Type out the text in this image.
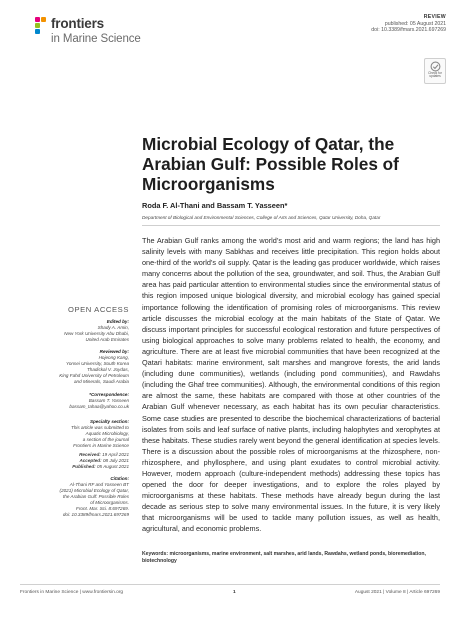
frontiers
in Marine Science
REVIEW
published: 05 August 2021
doi: 10.3389/fmars.2021.697269
Check for
updates
Microbial Ecology of Qatar, the
Arabian Gulf: Possible Roles of
Microorganisms
Roda F. Al-Thani and Bassam T. Yasseen*
Department of Biological and Environmental Sciences, College of Arts and Sciences, Qatar University, Doha, Qatar

The Arabian Gulf ranks among the world’s most arid and warm regions; the land has high salinity levels with many Sabkhas and receives little precipitation. This region holds about one-third of the world’s oil supply. Qatar is the leading gas producer worldwide, which raises many concerns about the pollution of the sea, groundwater, and soil. Thus, the Arabian Gulf area has paid particular attention to environmental studies since the environmental status of this region imposed unique biological diversity, and microbial ecology has gained special importance following the identification of promising roles of microorganisms. This review article discusses the microbial ecology at the main habitats of the State of Qatar. We discuss important principles for successful ecological restoration and future perspectives of using biological approaches to solve many problems related to health, the economy, and agriculture. There are at least five microbial communities that have been recognized at the Qatari habitats: marine environment, salt marshes and mangrove forests, the arid lands (including dune communities), wetlands (including pond communities), and Rawdahs (including the Ghaf tree communities). Although, the environmental conditions of this region are almost the same, these habitats are compared with those at other countries of the Arabian Gulf whenever necessary, as each habitat has its own peculiar characteristics. Some case studies are presented to describe the biochemical characterizations of bacterial isolates from soils and leaf surface of native plants, including halophytes and xerophytes at these habitats. These studies rarely went beyond the general identification at species levels. There is a discussion about the possible roles of microorganisms at the rhizosphere, non-rhizosphere, and phyllosphere, and using plant exudates to control microbial activity. However, modern approach (culture-independent methods) addressing these topics has opened the door for deeper investigations, and to explore the roles played by microorganisms at these habitats. These methods have already begun during the last decade as serious step to solve many environmental issues. In the future, it is very likely that microorganisms will be used to tackle many pollution issues, as well as health, agricultural, and economic problems.

Keywords: microorganisms, marine environment, salt marshes, arid lands, Rawdahs, wetland ponds, bioremediation, biotechnology
OPEN ACCESS
Edited by:
Shady A. Amin,
New York University Abu Dhabi,
United Arab Emirates
Reviewed by:
Hojeong Kang,
Yonsei University, South Korea
Thadickal V. Joydas,
King Fahd University of Petroleum
and Minerals, Saudi Arabia
*Correspondence:
Bassam T. Yasseen
bassam_tahaa@yahoo.co.uk
Specialty section:
This article was submitted to
Aquatic Microbiology,
a section of the journal
Frontiers in Marine Science
Received: 19 April 2021
Accepted: 08 July 2021
Published: 05 August 2021
Citation:
Al-Thani RF and Yasseen BT
(2021) Microbial Ecology of Qatar,
the Arabian Gulf: Possible Roles
of Microorganisms.
Front. Mar. Sci. 8:697269.
doi: 10.3389/fmars.2021.697269
Frontiers in Marine Science | www.frontiersin.org	1	August 2021 | Volume 8 | Article 697269
